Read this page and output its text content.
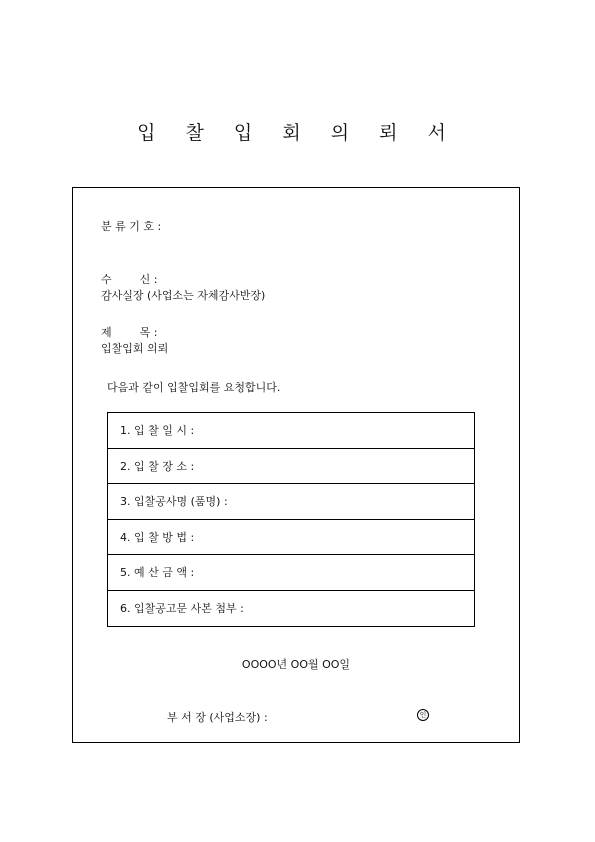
입 찰 입 회 의 뢰 서

분 류 기 호 :

수        신 :
감사실장 (사업소는 자체감사반장)

제        목 :
입찰입회 의뢰

다음과 같이 입찰입회를 요청합니다.
1. 입 찰 일 시 :
2. 입 찰 장 소 :
3. 입찰공사명 (품명) :
4. 입 찰 방 법 :
5. 예 산 금 액 :
6. 입찰공고문 사본 첨부 :
OOOO년 OO월 OO일
부 서 장 (사업소장) :	인
